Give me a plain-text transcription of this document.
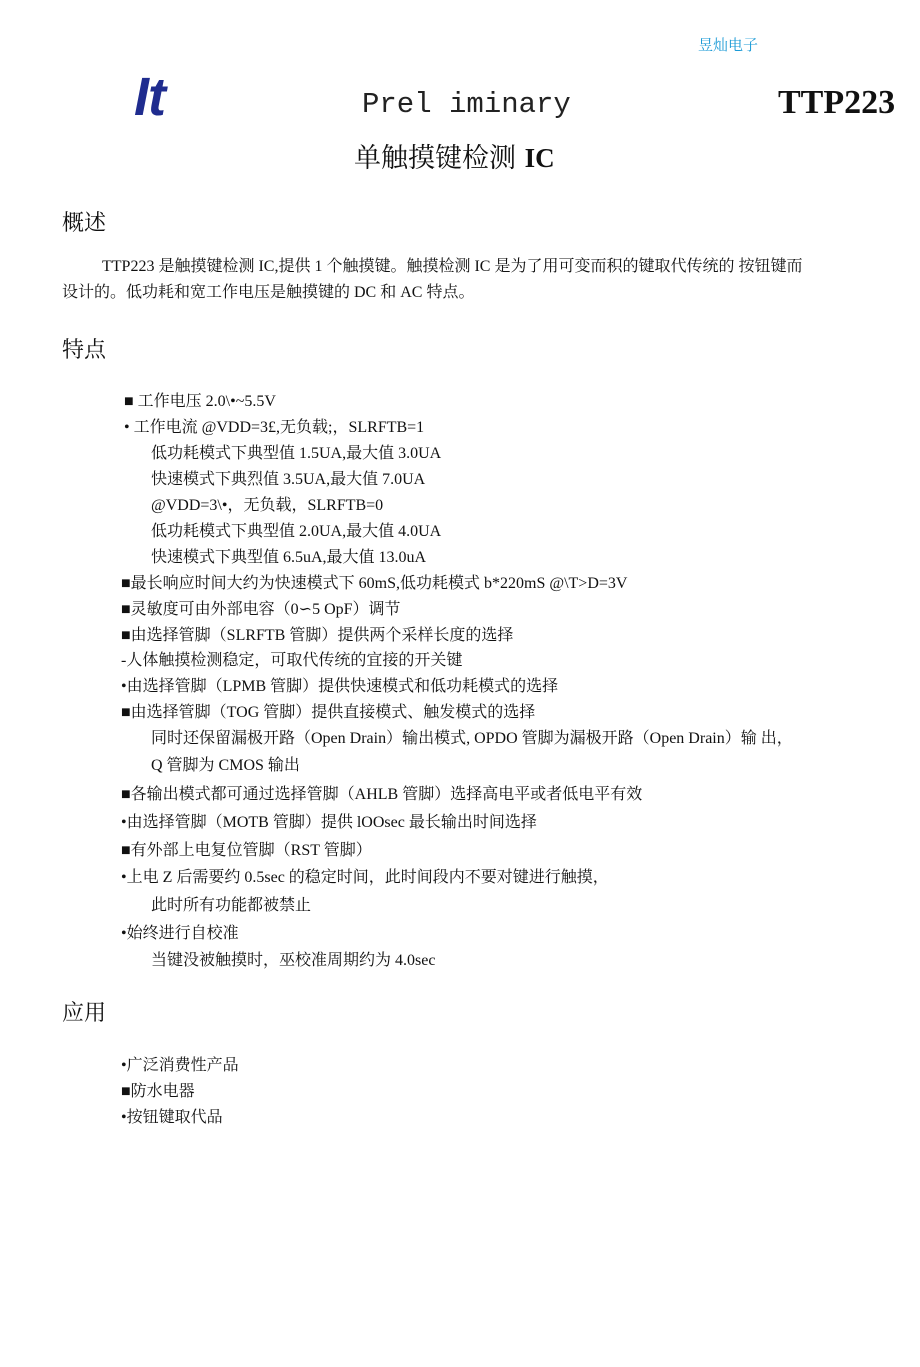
昱灿电子
It	Prel iminary	TTP223
单触摸键检测 IC
概述
TTP223 是触摸键检测 IC,提供 1 个触摸键。触摸检测 IC 是为了用可变而积的键取代传统的 按钮键而
设计的。低功耗和宽工作电压是触摸键的 DC 和 AC 特点。
特点
■ 工作电压 2.0\•~5.5V
• 工作电流 @VDD=3£,无负载;，SLRFTB=1
低功耗模式下典型值 1.5UA,最大值 3.0UA
快速模式下典烈值 3.5UA,最大值 7.0UA
@VDD=3\•，无负载，SLRFTB=0
低功耗模式下典型值 2.0UA,最大值 4.0UA
快速模式下典型值 6.5uA,最大值 13.0uA
■最长响应时间大约为快速模式下 60mS,低功耗模式 b*220mS @\T>D=3V
■灵敏度可由外部电容（0∽5 OpF）调节
■由选择管脚（SLRFTB 管脚）提供两个采样长度的选择
-人体触摸检测稳定，可取代传统的宜接的开关键
•由选择管脚（LPMB 管脚）提供快速模式和低功耗模式的选择
■由选择管脚（TOG 管脚）提供直接模式、触发模式的选择
同时还保留漏极开路（Open Drain）输出模式, OPDO 管脚为漏极开路（Open Drain）输 出，
Q 管脚为 CMOS 输出
■各输出模式都可通过选择管脚（AHLB 管脚）选择高电平或者低电平有效
•由选择管脚（MOTB 管脚）提供 lOOsec 最长输出时间选择
■有外部上电复位管脚（RST 管脚）
•上电 Z 后需要约 0.5sec 的稳定时间，此时间段内不要对键进行触摸，
此时所有功能都被禁止
•始终进行自校准
当键没被触摸时，巫校准周期约为 4.0sec
应用
•广泛消费性产品
■防水电器
•按钮键取代品
